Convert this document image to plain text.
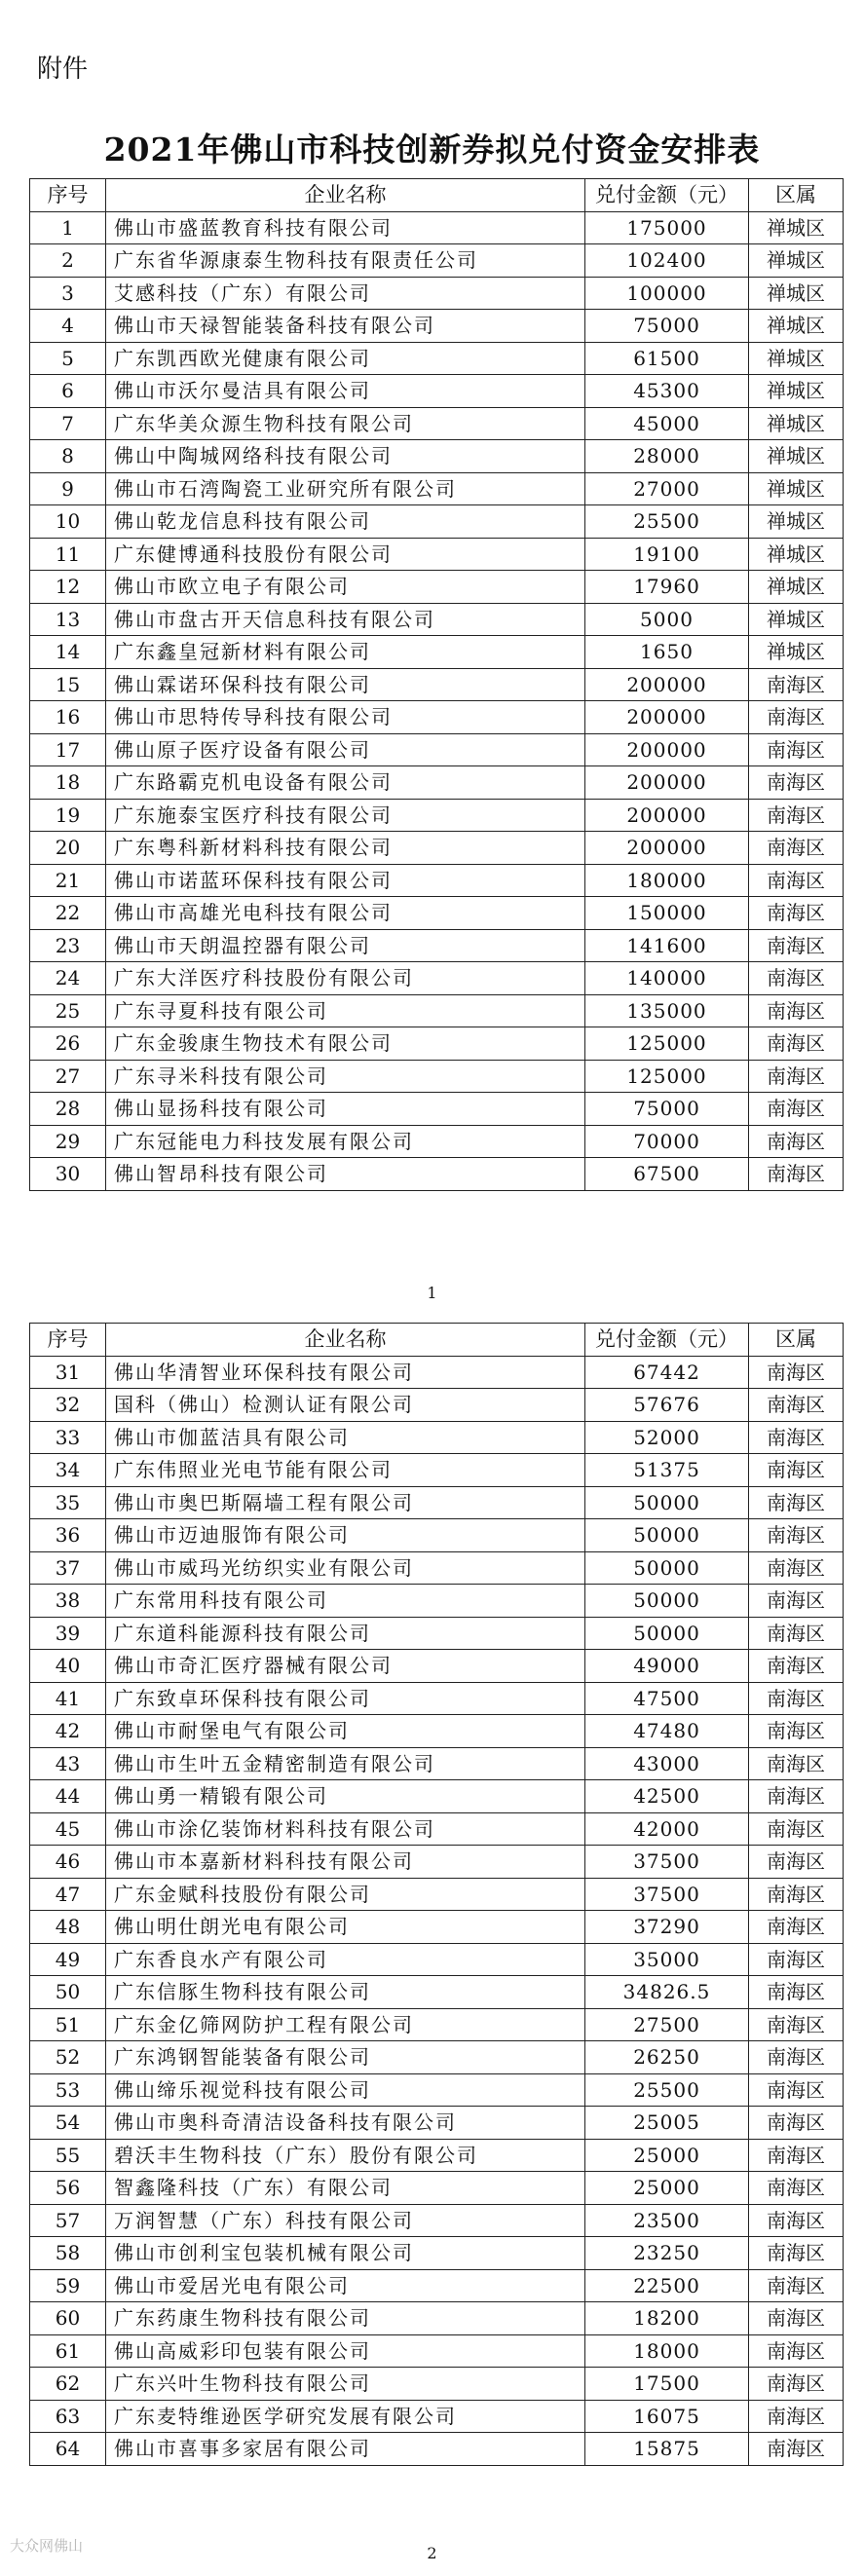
附件
2021年佛山市科技创新券拟兑付资金安排表
序号	企业名称	兑付金额（元）	区属
1	佛山市盛蓝教育科技有限公司	175000	禅城区
2	广东省华源康泰生物科技有限责任公司	102400	禅城区
3	艾感科技（广东）有限公司	100000	禅城区
4	佛山市天禄智能装备科技有限公司	75000	禅城区
5	广东凯西欧光健康有限公司	61500	禅城区
6	佛山市沃尔曼洁具有限公司	45300	禅城区
7	广东华美众源生物科技有限公司	45000	禅城区
8	佛山中陶城网络科技有限公司	28000	禅城区
9	佛山市石湾陶瓷工业研究所有限公司	27000	禅城区
10	佛山乾龙信息科技有限公司	25500	禅城区
11	广东健博通科技股份有限公司	19100	禅城区
12	佛山市欧立电子有限公司	17960	禅城区
13	佛山市盘古开天信息科技有限公司	5000	禅城区
14	广东鑫皇冠新材料有限公司	1650	禅城区
15	佛山霖诺环保科技有限公司	200000	南海区
16	佛山市思特传导科技有限公司	200000	南海区
17	佛山原子医疗设备有限公司	200000	南海区
18	广东路霸克机电设备有限公司	200000	南海区
19	广东施泰宝医疗科技有限公司	200000	南海区
20	广东粤科新材料科技有限公司	200000	南海区
21	佛山市诺蓝环保科技有限公司	180000	南海区
22	佛山市高雄光电科技有限公司	150000	南海区
23	佛山市天朗温控器有限公司	141600	南海区
24	广东大洋医疗科技股份有限公司	140000	南海区
25	广东寻夏科技有限公司	135000	南海区
26	广东金骏康生物技术有限公司	125000	南海区
27	广东寻米科技有限公司	125000	南海区
28	佛山显扬科技有限公司	75000	南海区
29	广东冠能电力科技发展有限公司	70000	南海区
30	佛山智昂科技有限公司	67500	南海区
1
序号	企业名称	兑付金额（元）	区属
31	佛山华清智业环保科技有限公司	67442	南海区
32	国科（佛山）检测认证有限公司	57676	南海区
33	佛山市伽蓝洁具有限公司	52000	南海区
34	广东伟照业光电节能有限公司	51375	南海区
35	佛山市奥巴斯隔墙工程有限公司	50000	南海区
36	佛山市迈迪服饰有限公司	50000	南海区
37	佛山市威玛光纺织实业有限公司	50000	南海区
38	广东常用科技有限公司	50000	南海区
39	广东道科能源科技有限公司	50000	南海区
40	佛山市奇汇医疗器械有限公司	49000	南海区
41	广东致卓环保科技有限公司	47500	南海区
42	佛山市耐堡电气有限公司	47480	南海区
43	佛山市生叶五金精密制造有限公司	43000	南海区
44	佛山勇一精锻有限公司	42500	南海区
45	佛山市涂亿装饰材料科技有限公司	42000	南海区
46	佛山市本嘉新材料科技有限公司	37500	南海区
47	广东金赋科技股份有限公司	37500	南海区
48	佛山明仕朗光电有限公司	37290	南海区
49	广东香良水产有限公司	35000	南海区
50	广东信豚生物科技有限公司	34826.5	南海区
51	广东金亿筛网防护工程有限公司	27500	南海区
52	广东鸿钢智能装备有限公司	26250	南海区
53	佛山缔乐视觉科技有限公司	25500	南海区
54	佛山市奥科奇清洁设备科技有限公司	25005	南海区
55	碧沃丰生物科技（广东）股份有限公司	25000	南海区
56	智鑫隆科技（广东）有限公司	25000	南海区
57	万润智慧（广东）科技有限公司	23500	南海区
58	佛山市创利宝包装机械有限公司	23250	南海区
59	佛山市爱居光电有限公司	22500	南海区
60	广东药康生物科技有限公司	18200	南海区
61	佛山高威彩印包装有限公司	18000	南海区
62	广东兴叶生物科技有限公司	17500	南海区
63	广东麦特维逊医学研究发展有限公司	16075	南海区
64	佛山市喜事多家居有限公司	15875	南海区
2
大众网佛山
